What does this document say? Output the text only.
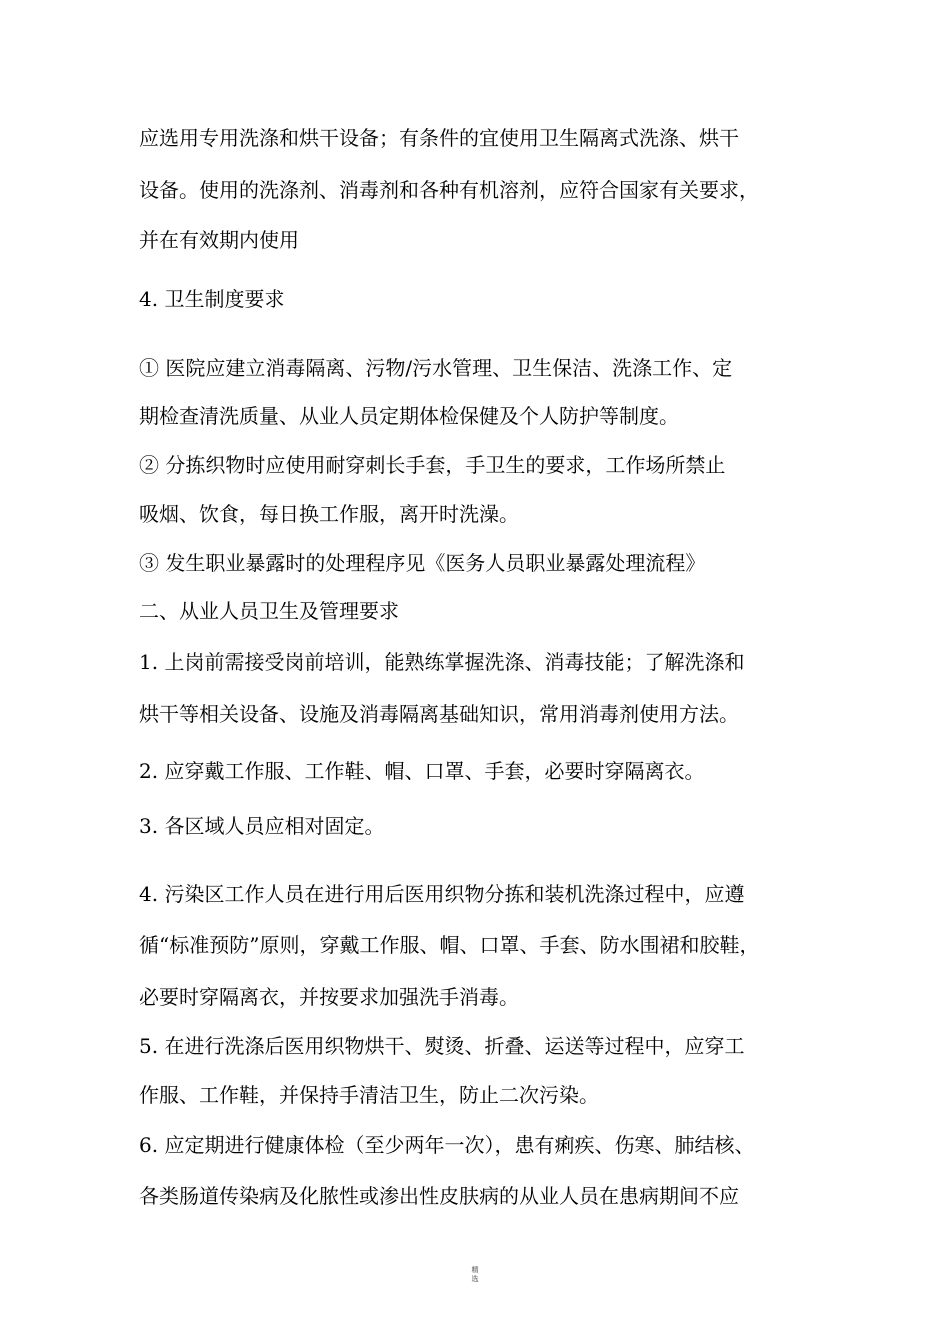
应选用专用洗涤和烘干设备；有条件的宜使用卫生隔离式洗涤、烘干

设备。使用的洗涤剂、消毒剂和各种有机溶剂，应符合国家有关要求，

并在有效期内使用

4. 卫生制度要求

① 医院应建立消毒隔离、污物/污水管理、卫生保洁、洗涤工作、定

期检查清洗质量、从业人员定期体检保健及个人防护等制度。

② 分拣织物时应使用耐穿刺长手套，手卫生的要求，工作场所禁止

吸烟、饮食，每日换工作服，离开时洗澡。

③ 发生职业暴露时的处理程序见《医务人员职业暴露处理流程》

二、从业人员卫生及管理要求

1. 上岗前需接受岗前培训，能熟练掌握洗涤、消毒技能；了解洗涤和

烘干等相关设备、设施及消毒隔离基础知识，常用消毒剂使用方法。

2. 应穿戴工作服、工作鞋、帽、口罩、手套，必要时穿隔离衣。

3. 各区域人员应相对固定。

4. 污染区工作人员在进行用后医用织物分拣和装机洗涤过程中，应遵

循“标准预防”原则，穿戴工作服、帽、口罩、手套、防水围裙和胶鞋，

必要时穿隔离衣，并按要求加强洗手消毒。

5. 在进行洗涤后医用织物烘干、熨烫、折叠、运送等过程中，应穿工

作服、工作鞋，并保持手清洁卫生，防止二次污染。

6. 应定期进行健康体检（至少两年一次），患有痢疾、伤寒、肺结核、

各类肠道传染病及化脓性或渗出性皮肤病的从业人员在患病期间不应

精
选
